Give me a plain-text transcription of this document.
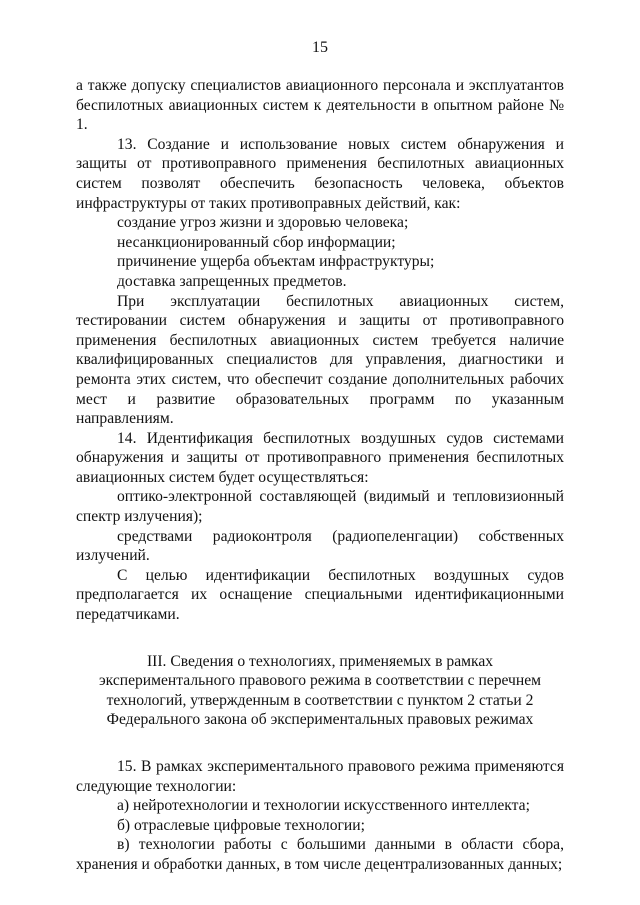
15

а также допуску специалистов авиационного персонала и эксплуатантов беспилотных авиационных систем к деятельности в опытном районе № 1.

13. Создание и использование новых систем обнаружения и защиты от противоправного применения беспилотных авиационных систем позволят обеспечить безопасность человека, объектов инфраструктуры от таких противоправных действий, как:

создание угроз жизни и здоровью человека;

несанкционированный сбор информации;

причинение ущерба объектам инфраструктуры;

доставка запрещенных предметов.

При эксплуатации беспилотных авиационных систем, тестировании систем обнаружения и защиты от противоправного применения беспилотных авиационных систем требуется наличие квалифицированных специалистов для управления, диагностики и ремонта этих систем, что обеспечит создание дополнительных рабочих мест и развитие образовательных программ по указанным направлениям.

14. Идентификация беспилотных воздушных судов системами обнаружения и защиты от противоправного применения беспилотных авиационных систем будет осуществляться:

оптико-электронной составляющей (видимый и тепловизионный спектр излучения);

средствами радиоконтроля (радиопеленгации) собственных излучений.

С целью идентификации беспилотных воздушных судов предполагается их оснащение специальными идентификационными передатчиками.

III. Сведения о технологиях, применяемых в рамках
экспериментального правового режима в соответствии с перечнем
технологий, утвержденным в соответствии с пунктом 2 статьи 2
Федерального закона об экспериментальных правовых режимах

15. В рамках экспериментального правового режима применяются следующие технологии:

а) нейротехнологии и технологии искусственного интеллекта;

б) отраслевые цифровые технологии;

в) технологии работы с большими данными в области сбора, хранения и обработки данных, в том числе децентрализованных данных;
